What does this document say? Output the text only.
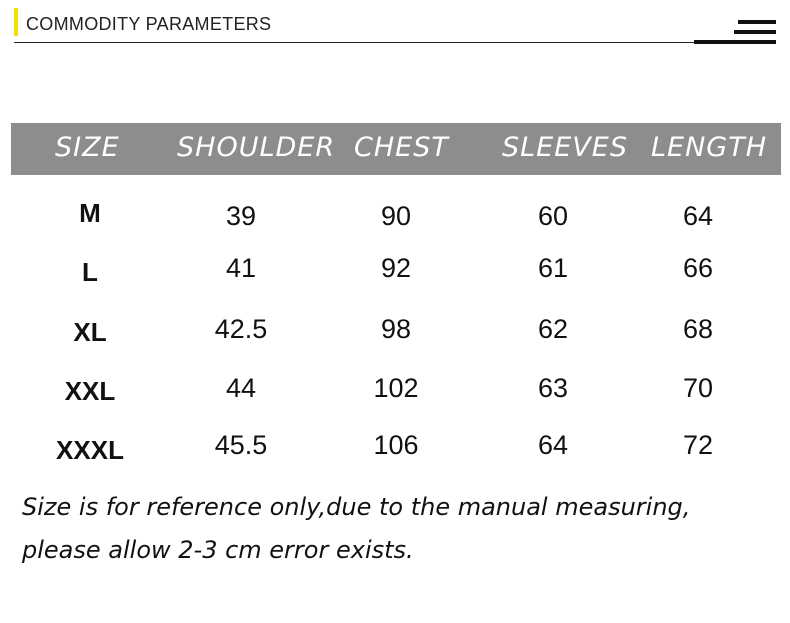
COMMODITY PARAMETERS
SIZE SHOULDER CHEST SLEEVES LENGTH
M	39	90	60	64
L	41	92	61	66
XL	42.5	98	62	68
XXL	44	102	63	70
XXXL	45.5	106	64	72
Size is for reference only,due to the manual measuring,
please allow 2-3 cm error exists.
